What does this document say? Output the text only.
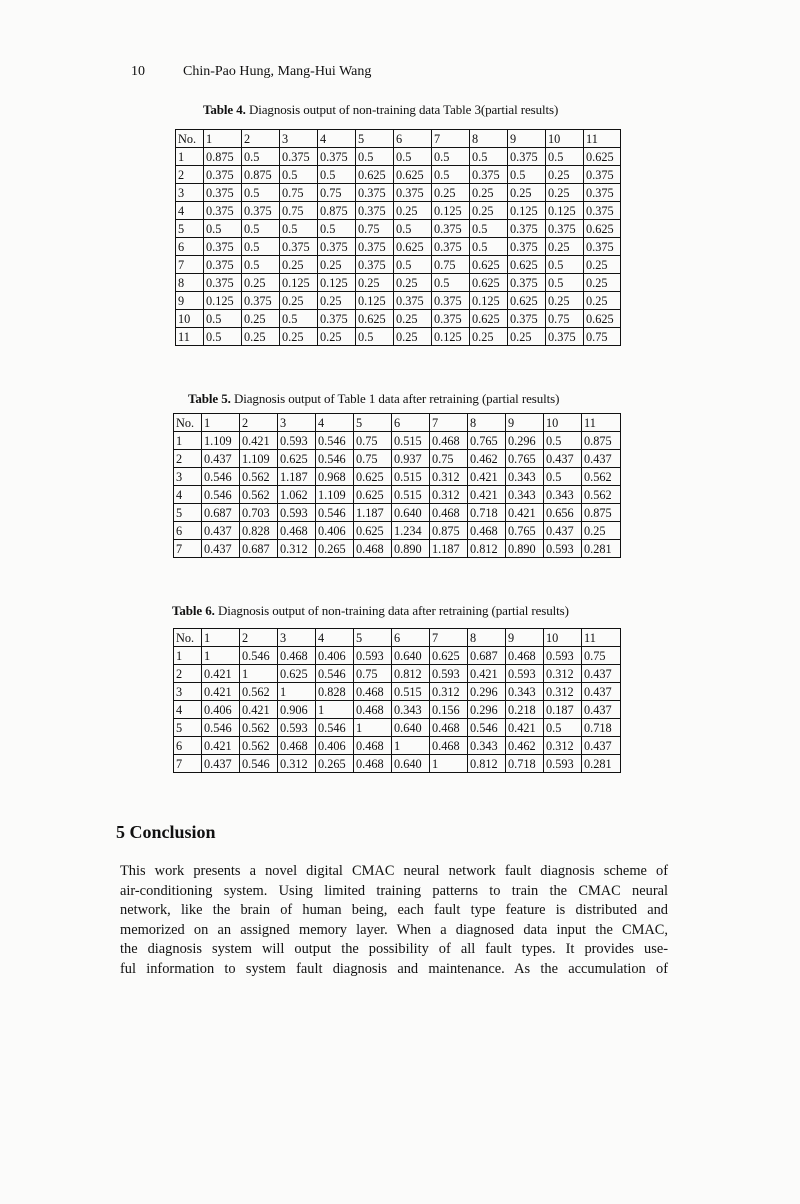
10	Chin-Pao Hung, Mang-Hui Wang
Table 4. Diagnosis output of non-training data Table 3(partial results)
No.	1	2	3	4	5	6	7	8	9	10	11
1	0.875	0.5	0.375	0.375	0.5	0.5	0.5	0.5	0.375	0.5	0.625
2	0.375	0.875	0.5	0.5	0.625	0.625	0.5	0.375	0.5	0.25	0.375
3	0.375	0.5	0.75	0.75	0.375	0.375	0.25	0.25	0.25	0.25	0.375
4	0.375	0.375	0.75	0.875	0.375	0.25	0.125	0.25	0.125	0.125	0.375
5	0.5	0.5	0.5	0.5	0.75	0.5	0.375	0.5	0.375	0.375	0.625
6	0.375	0.5	0.375	0.375	0.375	0.625	0.375	0.5	0.375	0.25	0.375
7	0.375	0.5	0.25	0.25	0.375	0.5	0.75	0.625	0.625	0.5	0.25
8	0.375	0.25	0.125	0.125	0.25	0.25	0.5	0.625	0.375	0.5	0.25
9	0.125	0.375	0.25	0.25	0.125	0.375	0.375	0.125	0.625	0.25	0.25
10	0.5	0.25	0.5	0.375	0.625	0.25	0.375	0.625	0.375	0.75	0.625
11	0.5	0.25	0.25	0.25	0.5	0.25	0.125	0.25	0.25	0.375	0.75
Table 5. Diagnosis output of Table 1 data after retraining (partial results)
No.	1	2	3	4	5	6	7	8	9	10	11
1	1.109	0.421	0.593	0.546	0.75	0.515	0.468	0.765	0.296	0.5	0.875
2	0.437	1.109	0.625	0.546	0.75	0.937	0.75	0.462	0.765	0.437	0.437
3	0.546	0.562	1.187	0.968	0.625	0.515	0.312	0.421	0.343	0.5	0.562
4	0.546	0.562	1.062	1.109	0.625	0.515	0.312	0.421	0.343	0.343	0.562
5	0.687	0.703	0.593	0.546	1.187	0.640	0.468	0.718	0.421	0.656	0.875
6	0.437	0.828	0.468	0.406	0.625	1.234	0.875	0.468	0.765	0.437	0.25
7	0.437	0.687	0.312	0.265	0.468	0.890	1.187	0.812	0.890	0.593	0.281
Table 6. Diagnosis output of non-training data after retraining (partial results)
No.	1	2	3	4	5	6	7	8	9	10	11
1	1	0.546	0.468	0.406	0.593	0.640	0.625	0.687	0.468	0.593	0.75
2	0.421	1	0.625	0.546	0.75	0.812	0.593	0.421	0.593	0.312	0.437
3	0.421	0.562	1	0.828	0.468	0.515	0.312	0.296	0.343	0.312	0.437
4	0.406	0.421	0.906	1	0.468	0.343	0.156	0.296	0.218	0.187	0.437
5	0.546	0.562	0.593	0.546	1	0.640	0.468	0.546	0.421	0.5	0.718
6	0.421	0.562	0.468	0.406	0.468	1	0.468	0.343	0.462	0.312	0.437
7	0.437	0.546	0.312	0.265	0.468	0.640	1	0.812	0.718	0.593	0.281
5 Conclusion
This work presents a novel digital CMAC neural network fault diagnosis scheme of
air-conditioning system. Using limited training patterns to train the CMAC neural
network, like the brain of human being, each fault type feature is distributed and
memorized on an assigned memory layer. When a diagnosed data input the CMAC,
the diagnosis system will output the possibility of all fault types. It provides use-
ful information to system fault diagnosis and maintenance. As the accumulation of
